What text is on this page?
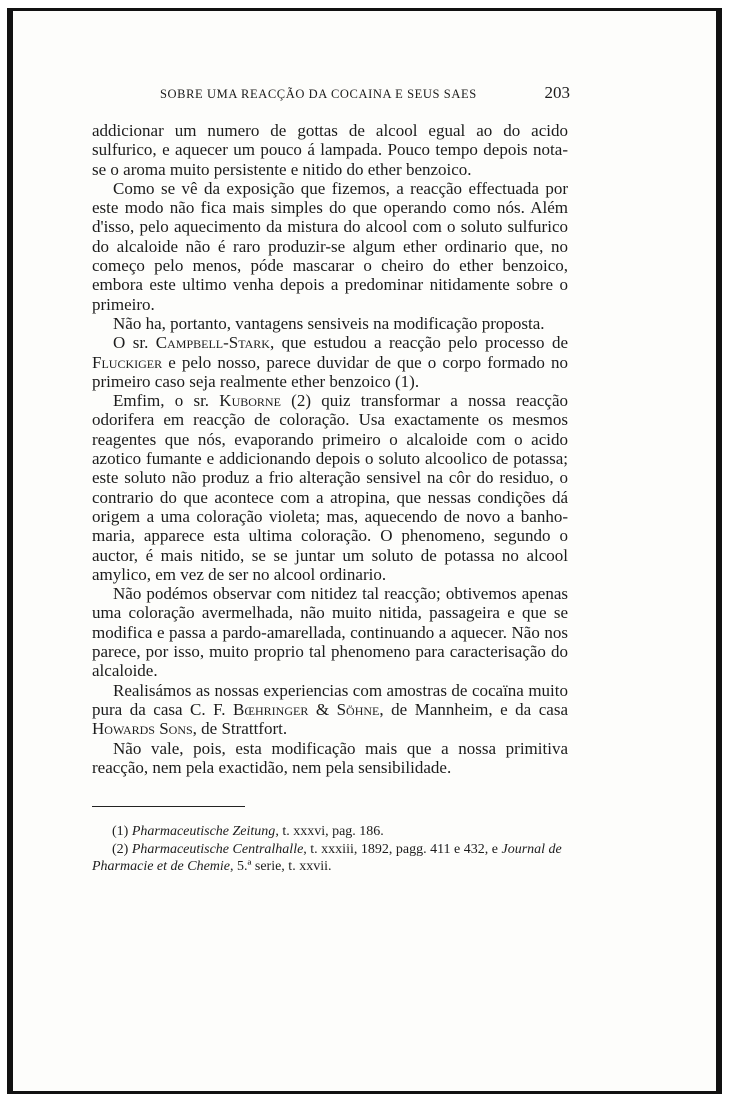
SOBRE UMA REACÇÃO DA COCAINA E SEUS SAES	203

addicionar um numero de gottas de alcool egual ao do acido sulfurico, e aquecer um pouco á lampada. Pouco tempo depois nota-se o aroma muito persistente e nitido do ether benzoico.

Como se vê da exposição que fizemos, a reacção effectuada por este modo não fica mais simples do que operando como nós. Além d'isso, pelo aquecimento da mistura do alcool com o soluto sulfurico do alcaloide não é raro produzir-se algum ether ordinario que, no começo pelo menos, póde mascarar o cheiro do ether benzoico, embora este ultimo venha depois a predominar nitidamente sobre o primeiro.

Não ha, portanto, vantagens sensiveis na modificação proposta.

O sr. Campbell-Stark, que estudou a reacção pelo processo de Fluckiger e pelo nosso, parece duvidar de que o corpo formado no primeiro caso seja realmente ether benzoico (1).

Emfim, o sr. Kuborne (2) quiz transformar a nossa reacção odorifera em reacção de coloração. Usa exactamente os mesmos reagentes que nós, evaporando primeiro o alcaloide com o acido azotico fumante e addicionando depois o soluto alcoolico de potassa; este soluto não produz a frio alteração sensivel na côr do residuo, o contrario do que acontece com a atropina, que nessas condições dá origem a uma coloração violeta; mas, aquecendo de novo a banho-maria, apparece esta ultima coloração. O phenomeno, segundo o auctor, é mais nitido, se se juntar um soluto de potassa no alcool amylico, em vez de ser no alcool ordinario.

Não podémos observar com nitidez tal reacção; obtivemos apenas uma coloração avermelhada, não muito nitida, passageira e que se modifica e passa a pardo-amarellada, continuando a aquecer. Não nos parece, por isso, muito proprio tal phenomeno para caracterisação do alcaloide.

Realisámos as nossas experiencias com amostras de cocaïna muito pura da casa C. F. Bœhringer & Söhne, de Mannheim, e da casa Howards Sons, de Strattfort.

Não vale, pois, esta modificação mais que a nossa primitiva reacção, nem pela exactidão, nem pela sensibilidade.

(1) Pharmaceutische Zeitung, t. xxxvi, pag. 186.

(2) Pharmaceutische Centralhalle, t. xxxiii, 1892, pagg. 411 e 432, e Journal de Pharmacie et de Chemie, 5.ª serie, t. xxvii.
